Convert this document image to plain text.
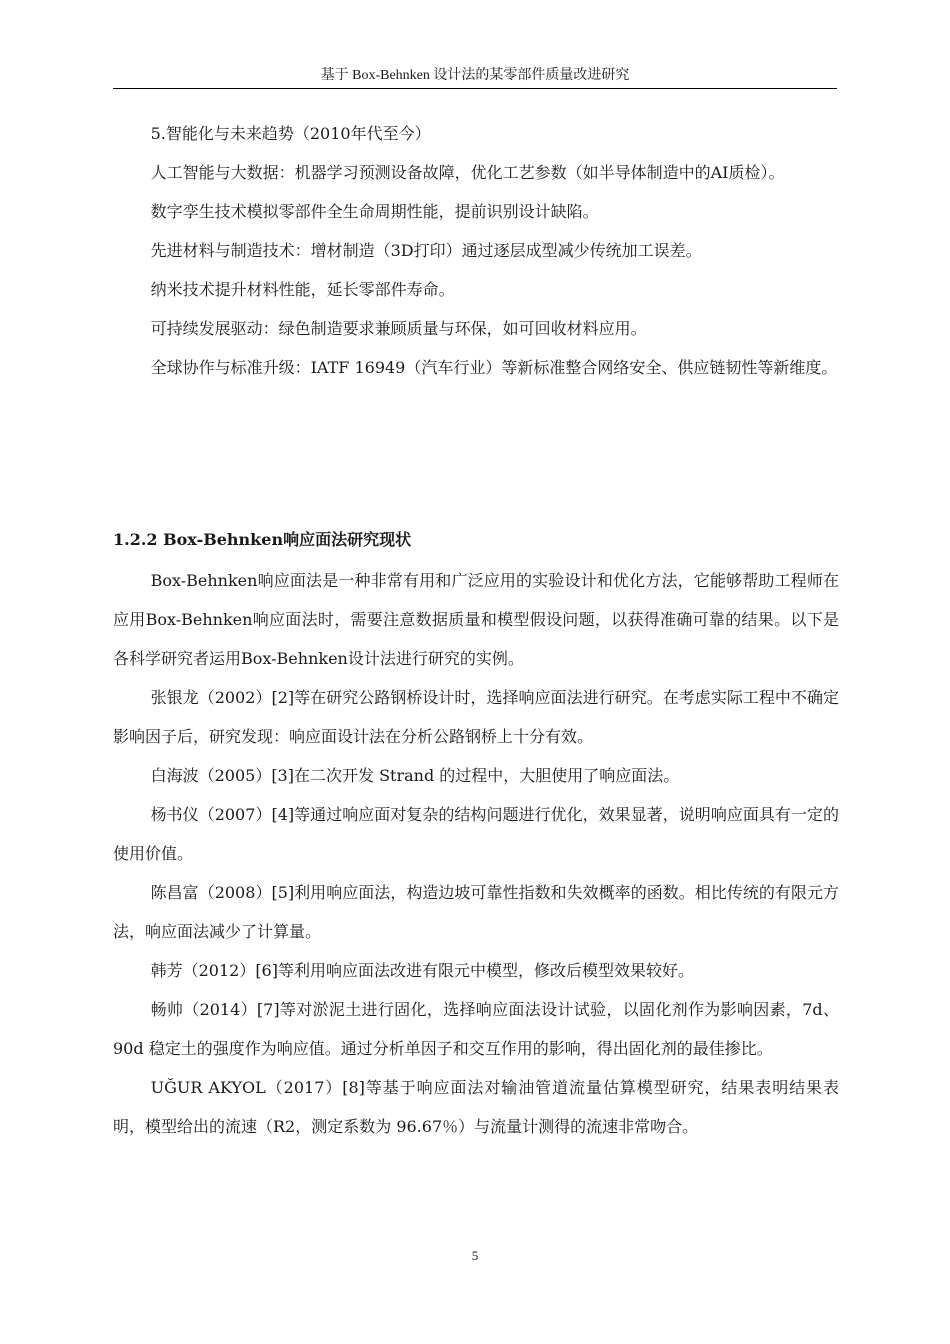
基于 Box-Behnken 设计法的某零部件质量改进研究

5.智能化与未来趋势（2010年代至今）

人工智能与大数据：机器学习预测设备故障，优化工艺参数（如半导体制造中的AI质检）。

数字孪生技术模拟零部件全生命周期性能，提前识别设计缺陷。

先进材料与制造技术：增材制造（3D打印）通过逐层成型减少传统加工误差。

纳米技术提升材料性能，延长零部件寿命。

可持续发展驱动：绿色制造要求兼顾质量与环保，如可回收材料应用。

全球协作与标准升级：IATF 16949（汽车行业）等新标准整合网络安全、供应链韧性等新维度。

1.2.2 Box-Behnken响应面法研究现状

Box-Behnken响应面法是一种非常有用和广泛应用的实验设计和优化方法，它能够帮助工程师在应用Box-Behnken响应面法时，需要注意数据质量和模型假设问题，以获得准确可靠的结果。以下是各科学研究者运用Box-Behnken设计法进行研究的实例。

张银龙（2002）[2]等在研究公路钢桥设计时，选择响应面法进行研究。在考虑实际工程中不确定影响因子后，研究发现：响应面设计法在分析公路钢桥上十分有效。

白海波（2005）[3]在二次开发 Strand 的过程中，大胆使用了响应面法。

杨书仪（2007）[4]等通过响应面对复杂的结构问题进行优化，效果显著，说明响应面具有一定的使用价值。

陈昌富（2008）[5]利用响应面法，构造边坡可靠性指数和失效概率的函数。相比传统的有限元方法，响应面法减少了计算量。

韩芳（2012）[6]等利用响应面法改进有限元中模型，修改后模型效果较好。

畅帅（2014）[7]等对淤泥土进行固化，选择响应面法设计试验，以固化剂作为影响因素，7d、90d 稳定土的强度作为响应值。通过分析单因子和交互作用的影响，得出固化剂的最佳掺比。

UĞUR AKYOL（2017）[8]等基于响应面法对输油管道流量估算模型研究，结果表明结果表明，模型给出的流速（R2，测定系数为 96.67％）与流量计测得的流速非常吻合。

5
